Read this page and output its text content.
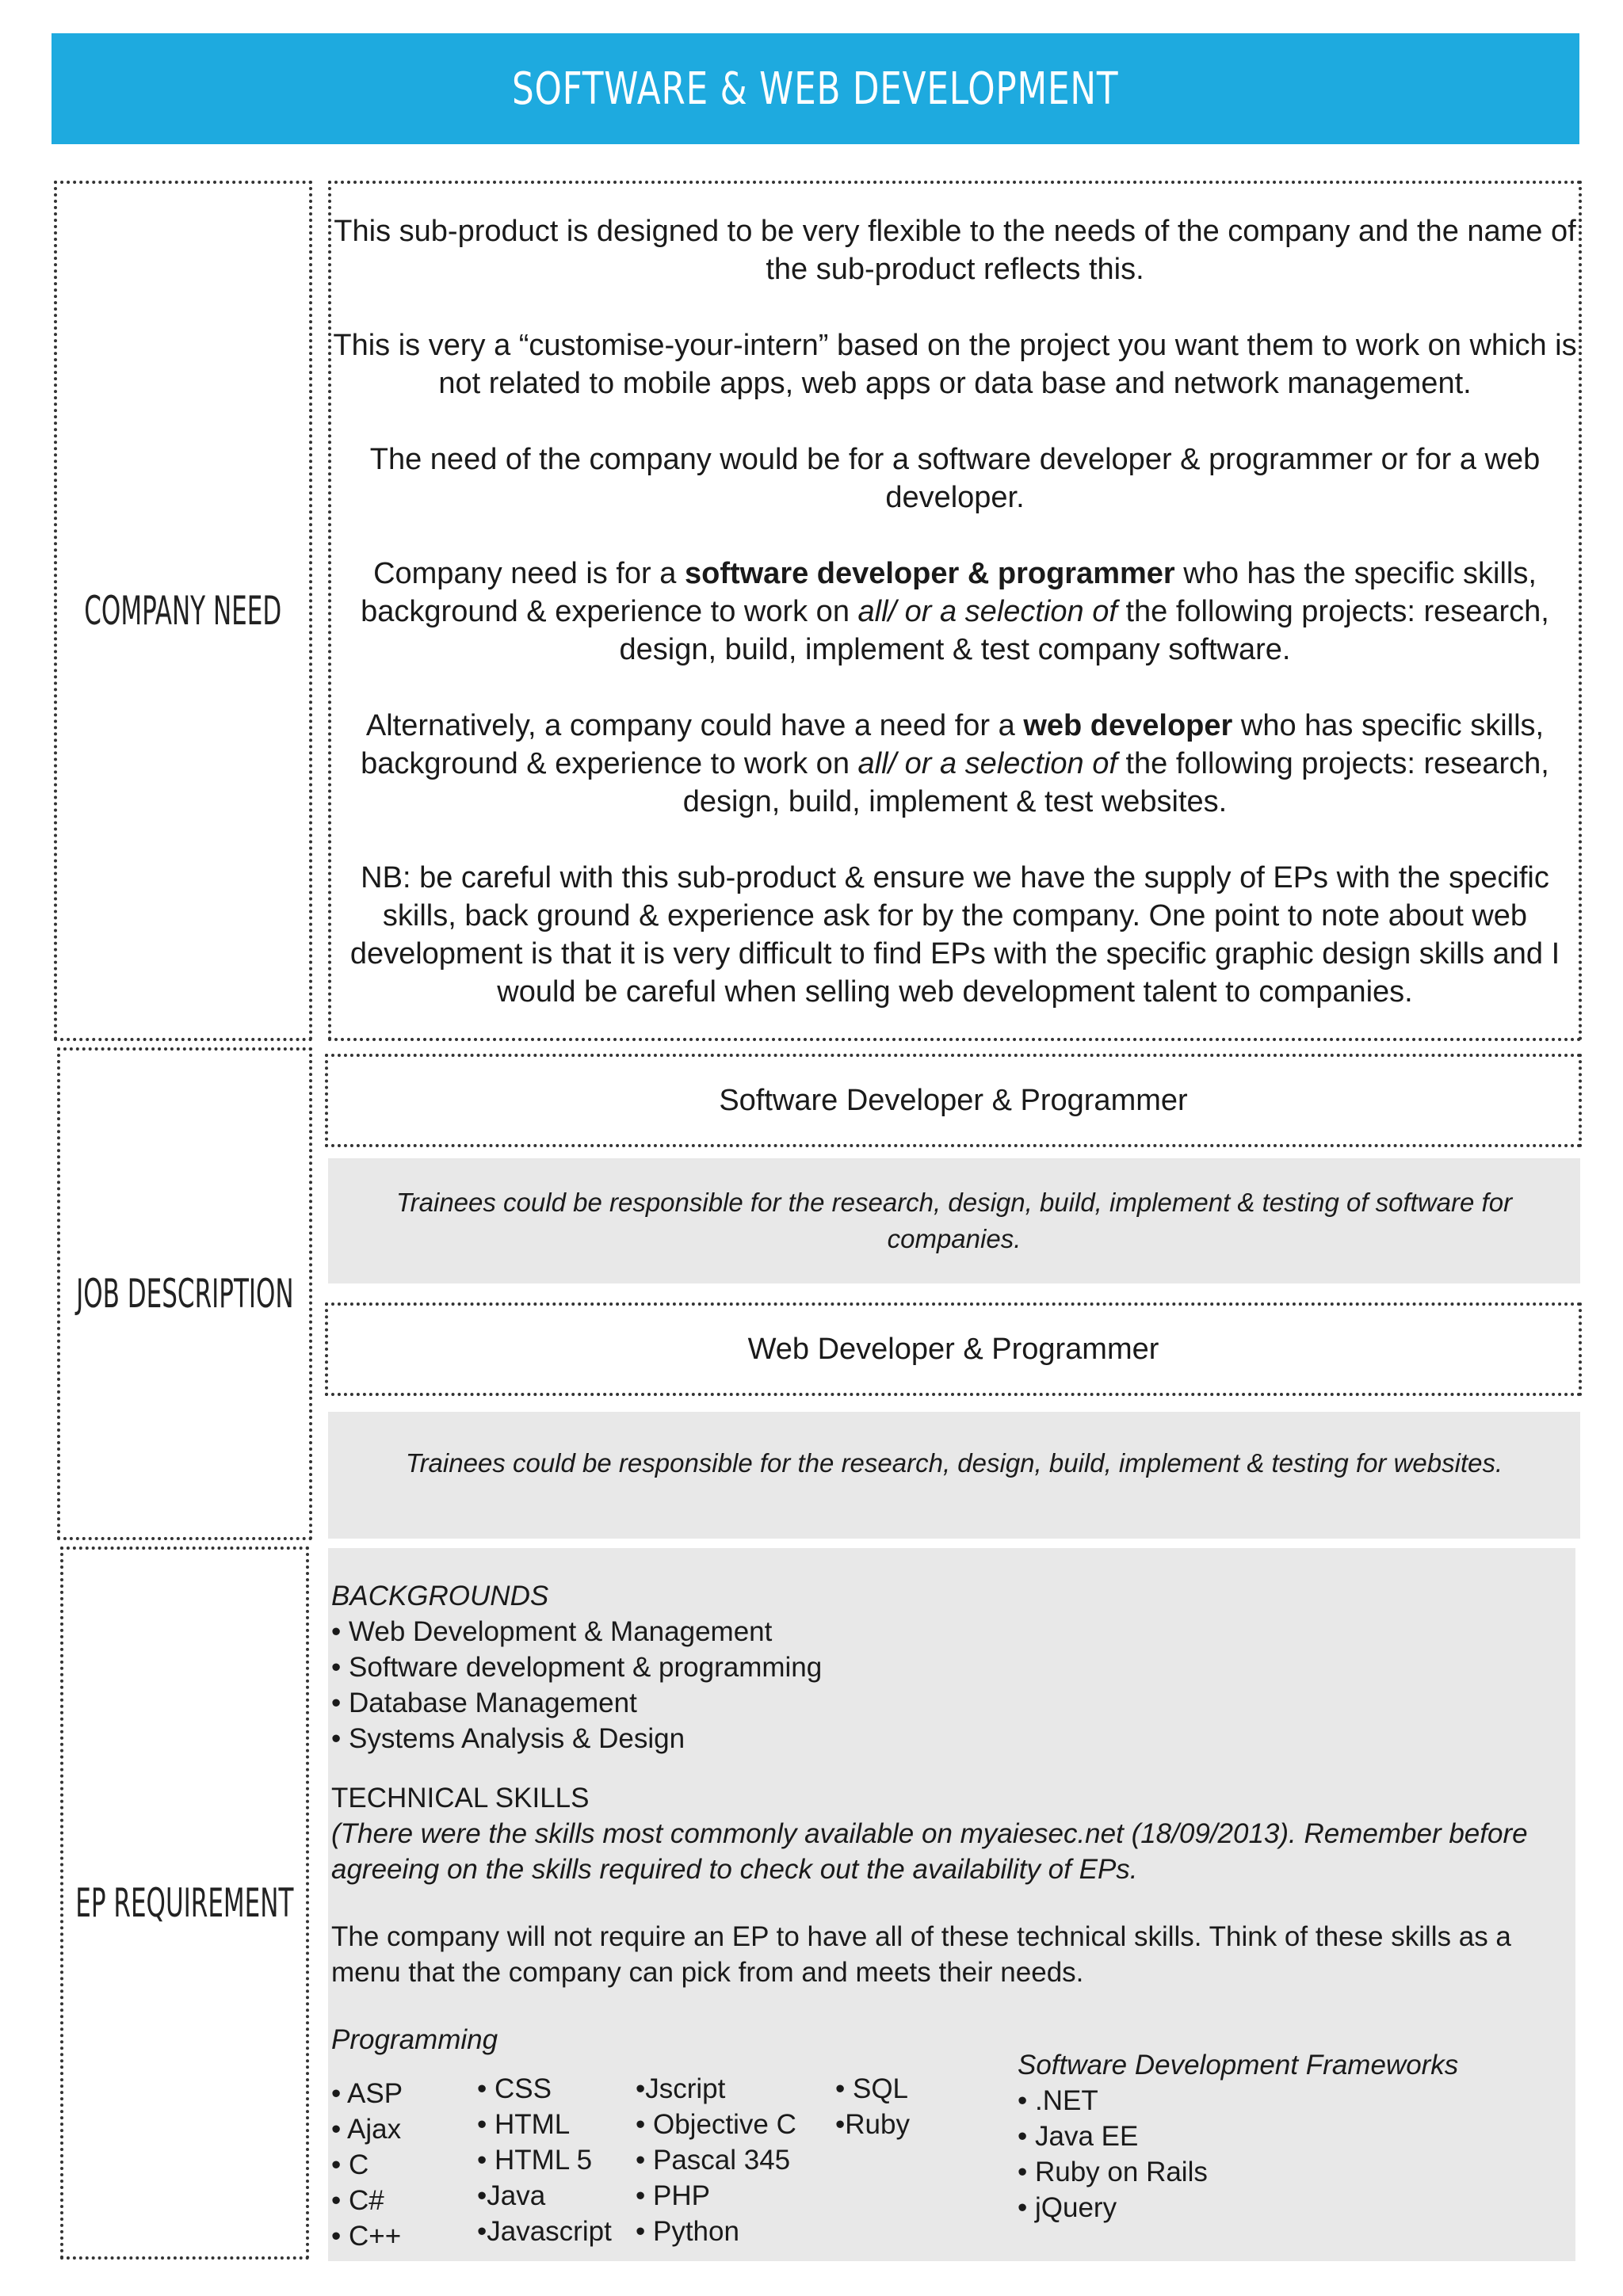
SOFTWARE & WEB DEVELOPMENT
COMPANY NEED
JOB DESCRIPTION
EP REQUIREMENT

This sub-product is designed to be very flexible to the needs of the company and the name of the sub-product reflects this.

This is very a “customise-your-intern” based on the project you want them to work on which is not related to mobile apps, web apps or data base and network management.

The need of the company would be for a software developer & programmer or for a web developer.

Company need is for a software developer & programmer who has the specific skills, background & experience to work on all/ or a selection of the following projects: research, design, build, implement & test company software.

Alternatively, a company could have a need for a web developer who has specific skills, background & experience to work on all/ or a selection of the following projects: research, design, build, implement & test websites.

NB: be careful with this sub-product & ensure we have the supply of EPs with the specific skills, back ground & experience ask for by the company. One point to note about web development is that it is very difficult to find EPs with the specific graphic design skills and I would be careful when selling web development talent to companies.

Software Developer & Programmer
Trainees could be responsible for the research, design, build, implement & testing of software for companies.
Web Developer & Programmer
Trainees could be responsible for the research, design, build, implement & testing for websites.

BACKGROUNDS

• Web Development & Management

• Software development & programming

• Database Management

• Systems Analysis & Design

TECHNICAL SKILLS

(There were the skills most commonly available on myaiesec.net (18/09/2013). Remember before agreeing on the skills required to check out the availability of EPs.

The company will not require an EP to have all of these technical skills. Think of these skills as a menu that the company can pick from and meets their needs.

Programming

• ASP
• Ajax
• C
• C#
• C++
• CSS
• HTML
• HTML 5
•Java
•Javascript
•Jscript
• Objective C
• Pascal 345
• PHP
• Python
• SQL
•Ruby
Software Development Frameworks
• .NET
• Java EE
• Ruby on Rails
• jQuery
